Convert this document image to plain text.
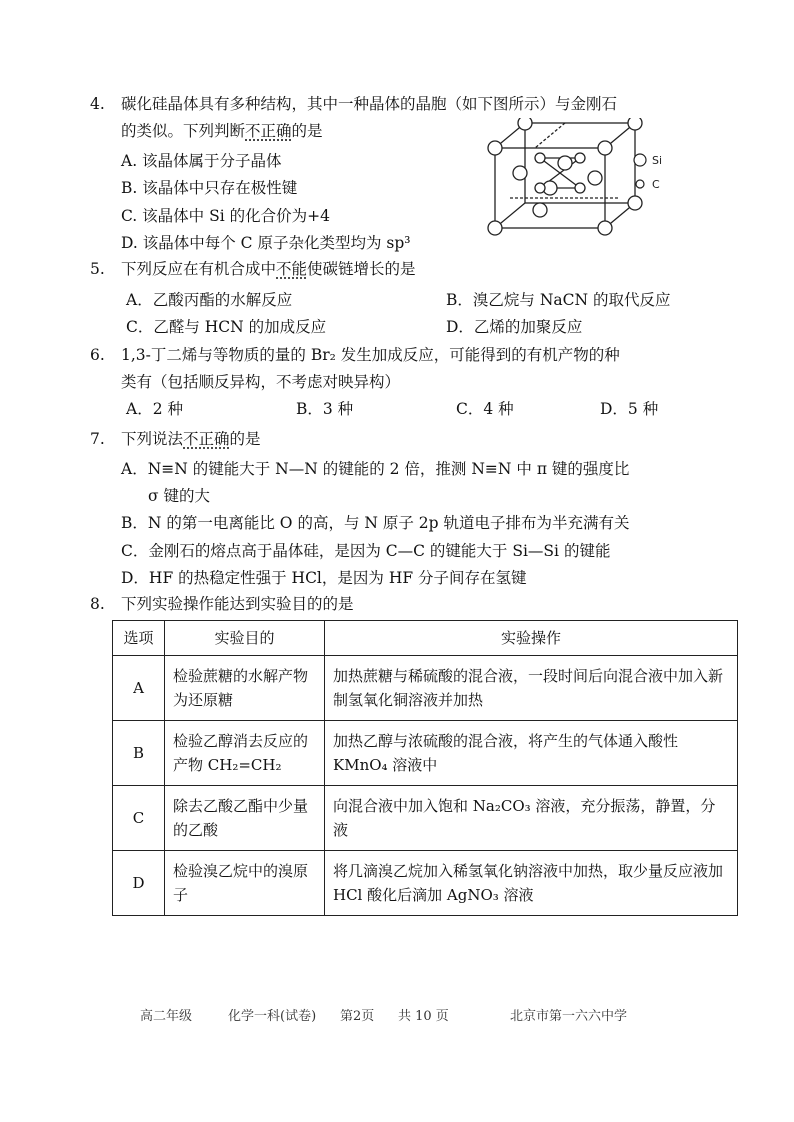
4. 碳化硅晶体具有多种结构，其中一种晶体的晶胞（如下图所示）与金刚石
的类似。下列判断不正确的是
A. 该晶体属于分子晶体
B. 该晶体中只存在极性键
C. 该晶体中 Si 的化合价为+4
D. 该晶体中每个 C 原子杂化类型均为 sp³
Si
C
5. 下列反应在有机合成中不能使碳链增长的是
A．乙酸丙酯的水解反应	B．溴乙烷与 NaCN 的取代反应
C．乙醛与 HCN 的加成反应	D．乙烯的加聚反应
6. 1,3-丁二烯与等物质的量的 Br₂ 发生加成反应，可能得到的有机产物的种
类有（包括顺反异构，不考虑对映异构）
A．2 种	B．3 种	C．4 种	D．5 种
7. 下列说法不正确的是
A．N≡N 的键能大于 N—N 的键能的 2 倍，推测 N≡N 中 π 键的强度比
σ 键的大
B．N 的第一电离能比 O 的高，与 N 原子 2p 轨道电子排布为半充满有关
C．金刚石的熔点高于晶体硅，是因为 C—C 的键能大于 Si—Si 的键能
D．HF 的热稳定性强于 HCl，是因为 HF 分子间存在氢键
8. 下列实验操作能达到实验目的的是
选项	实验目的	实验操作
A	检验蔗糖的水解产物为还原糖	加热蔗糖与稀硫酸的混合液，一段时间后向混合液中加入新制氢氧化铜溶液并加热
B	检验乙醇消去反应的产物 CH₂=CH₂	加热乙醇与浓硫酸的混合液，将产生的气体通入酸性 KMnO₄ 溶液中
C	除去乙酸乙酯中少量的乙酸	向混合液中加入饱和 Na₂CO₃ 溶液，充分振荡，静置，分液
D	检验溴乙烷中的溴原子	将几滴溴乙烷加入稀氢氧化钠溶液中加热，取少量反应液加 HCl 酸化后滴加 AgNO₃ 溶液
高二年级	化学一科(试卷) 第2页 共 10 页	北京市第一六六中学
